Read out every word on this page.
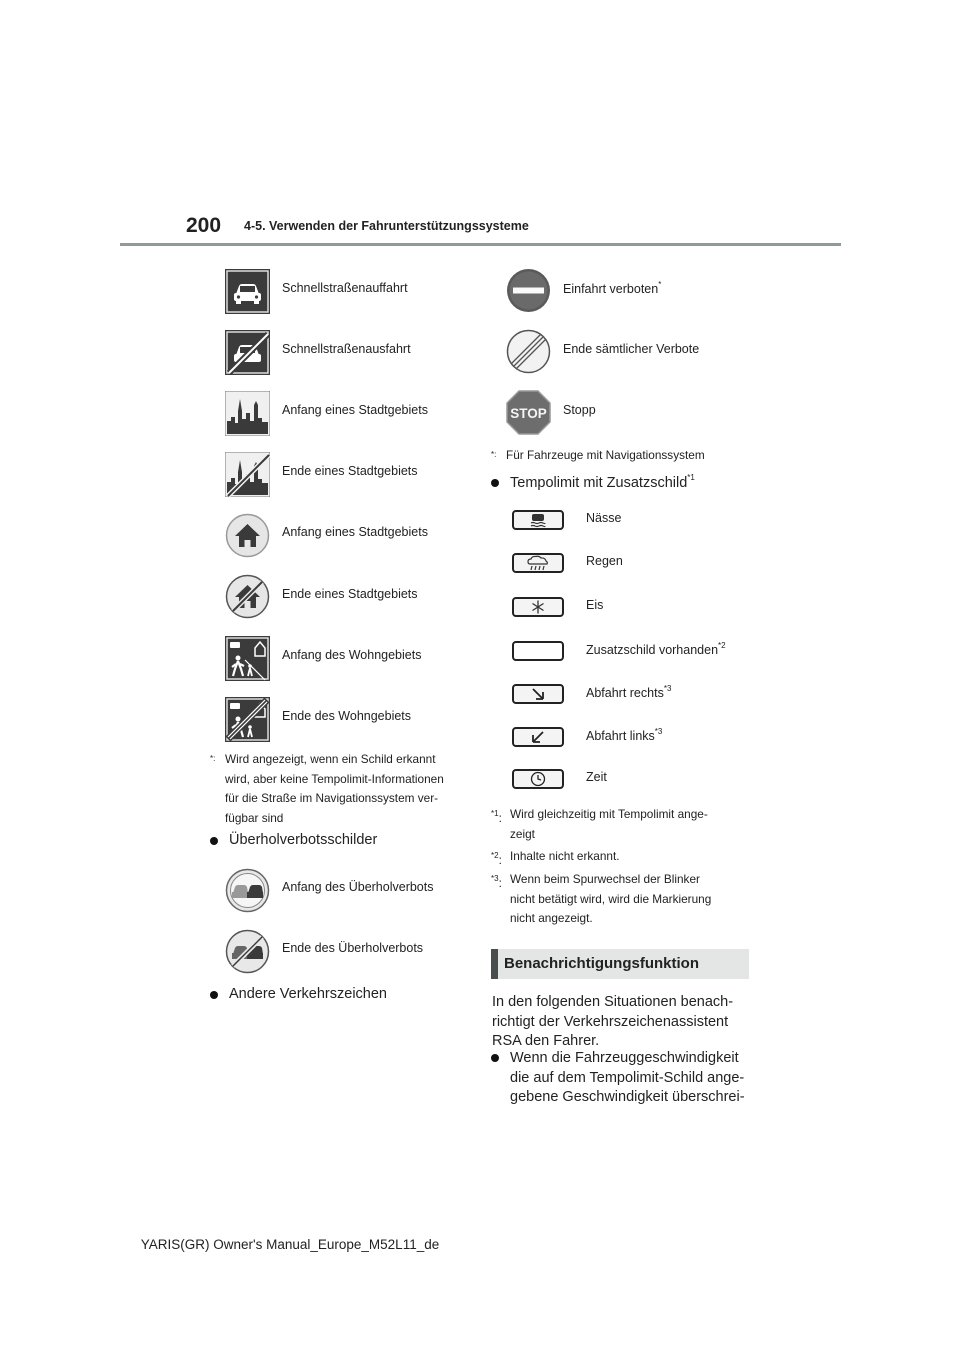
200 4-5. Verwenden der Fahrunterstützungssysteme
Schnellstraßenauffahrt
Schnellstraßenausfahrt
Anfang eines Stadtgebiets
Ende eines Stadtgebiets
Anfang eines Stadtgebiets
Ende eines Stadtgebiets
Anfang des Wohngebiets
Ende des Wohngebiets
*: Wird angezeigt, wenn ein Schild erkannt
wird, aber keine Tempolimit-Informationen
für die Straße im Navigationssystem ver-
fügbar sind
Überholverbotsschilder
Anfang des Überholverbots
Ende des Überholverbots
Andere Verkehrszeichen
Einfahrt verboten*
Ende sämtlicher Verbote
STOP Stopp
*: Für Fahrzeuge mit Navigationssystem
Tempolimit mit Zusatzschild$^{*1}$
Nässe
Regen
Eis
Zusatzschild vorhanden$^{*2}$
Abfahrt rechts$^{*3}$
Abfahrt links$^{*3}$
Zeit
$^{*1}$: Wird gleichzeitig mit Tempolimit ange-
zeigt
$^{*2}$: Inhalte nicht erkannt.
$^{*3}$: Wenn beim Spurwechsel der Blinker
nicht betätigt wird, wird die Markierung
nicht angezeigt.
Benachrichtigungsfunktion
In den folgenden Situationen benach-
richtigt der Verkehrszeichenassistent
RSA den Fahrer.
Wenn die Fahrzeuggeschwindigkeit
die auf dem Tempolimit-Schild ange-
gebene Geschwindigkeit überschrei-
YARIS(GR) Owner's Manual_Europe_M52L11_de
